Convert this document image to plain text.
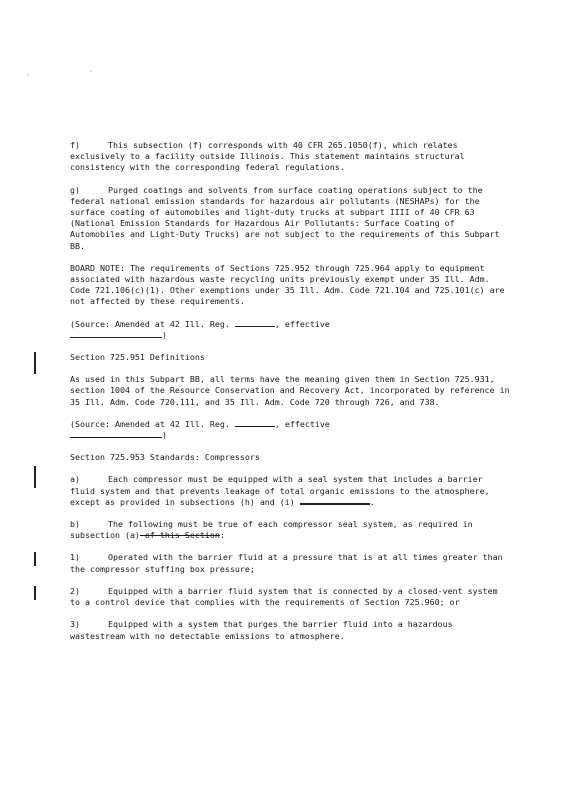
. '

f)	This subsection (f) corresponds with 40 CFR 265.1050(f), which relates exclusively to a facility outside Illinois. This statement maintains structural consistency with the corresponding federal regulations.

g)	Purged coatings and solvents from surface coating operations subject to the federal national emission standards for hazardous air pollutants (NESHAPs) for the surface coating of automobiles and light-duty trucks at subpart IIII of 40 CFR 63 (National Emission Standards for Hazardous Air Pollutants: Surface Coating of Automobiles and Light-Duty Trucks) are not subject to the requirements of this Subpart BB.

BOARD NOTE: The requirements of Sections 725.952 through 725.964 apply to equipment associated with hazardous waste recycling units previously exempt under 35 Ill. Adm. Code 721.106(c)(1). Other exemptions under 35 Ill. Adm. Code 721.104 and 725.101(c) are not affected by these requirements.

(Source: Amended at 42 Ill. Reg.	, effective
)

Section 725.951 Definitions

As used in this Subpart BB, all terms have the meaning given them in Section 725.931, section 1004 of the Resource Conservation and Recovery Act, incorporated by reference in 35 Ill. Adm. Code 720.111, and 35 Ill. Adm. Code 720 through 726, and 738.

(Source: Amended at 42 Ill. Reg.	, effective
)

Section 725.953 Standards: Compressors

a)	Each compressor must be equipped with a seal system that includes a barrier fluid system and that prevents leakage of total organic emissions to the atmosphere, except as provided in subsections (h) and (i)	.

b)	The following must be true of each compressor seal system, as required in subsection (a) of this Section:

1)	Operated with the barrier fluid at a pressure that is at all times greater than the compressor stuffing box pressure;

2)	Equipped with a barrier fluid system that is connected by a closed-vent system to a control device that complies with the requirements of Section 725.960; or

3)	Equipped with a system that purges the barrier fluid into a hazardous wastestream with no detectable emissions to atmosphere.
